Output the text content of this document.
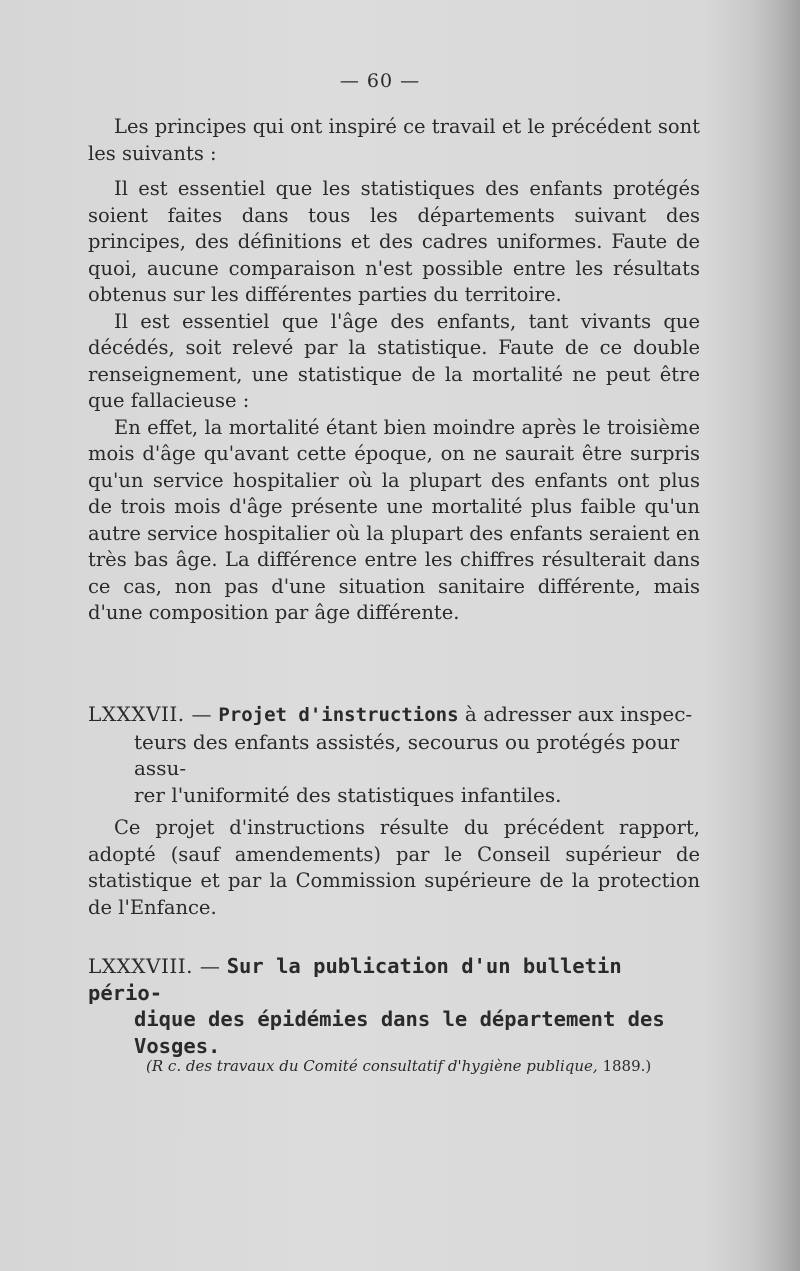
— 60 —

Les principes qui ont inspiré ce travail et le précédent sont les suivants :

Il est essentiel que les statistiques des enfants protégés soient faites dans tous les départements suivant des principes, des définitions et des cadres uniformes. Faute de quoi, aucune comparaison n'est possible entre les résultats obtenus sur les différentes parties du territoire.

Il est essentiel que l'âge des enfants, tant vivants que décédés, soit relevé par la statistique. Faute de ce double renseignement, une statistique de la mortalité ne peut être que fallacieuse :

En effet, la mortalité étant bien moindre après le troisième mois d'âge qu'avant cette époque, on ne saurait être surpris qu'un service hospitalier où la plupart des enfants ont plus de trois mois d'âge présente une mortalité plus faible qu'un autre service hospitalier où la plupart des enfants seraient en très bas âge. La différence entre les chiffres résulterait dans ce cas, non pas d'une situation sanitaire différente, mais d'une composition par âge différente.

LXXXVII. — Projet d'instructions à adresser aux inspec-
teurs des enfants assistés, secourus ou protégés pour assu-
rer l'uniformité des statistiques infantiles.

Ce projet d'instructions résulte du précédent rapport, adopté (sauf amendements) par le Conseil supérieur de statistique et par la Commission supérieure de la protection de l'Enfance.

LXXXVIII. — Sur la publication d'un bulletin pério-
dique des épidémies dans le département des
Vosges.
(R c. des travaux du Comité consultatif d'hygiène publique, 1889.)
